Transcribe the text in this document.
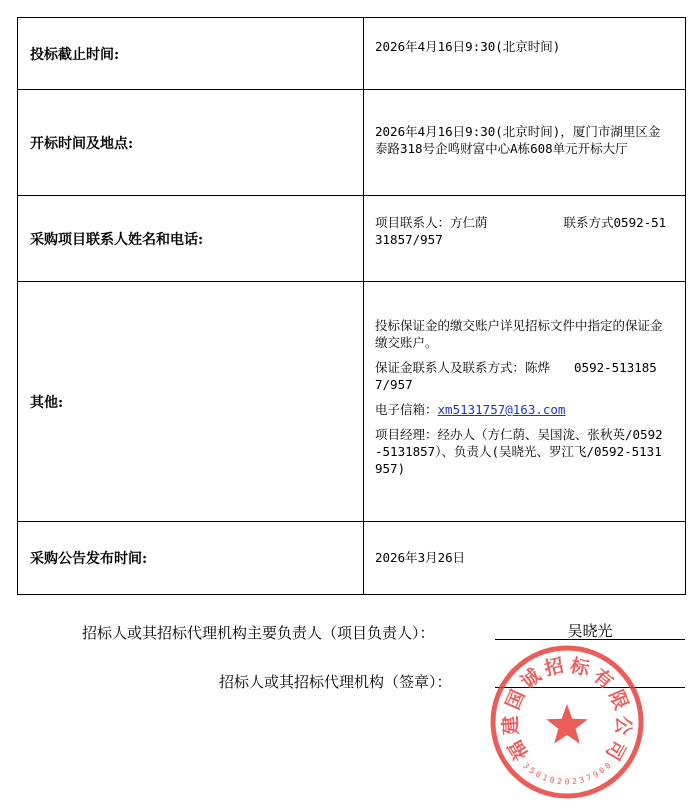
投标截止时间:	2026年4月16日9:30(北京时间)
开标时间及地点:	2026年4月16日9:30(北京时间)，厦门市湖里区金泰路318号企鸣财富中心A栋608单元开标大厅
采购项目联系人姓名和电话:	项目联系人：方仁荫 联系方式0592-5131857/957
其他:	投标保证金的缴交账户详见招标文件中指定的保证金缴交账户。

保证金联系人及联系方式：陈烨 0592-5131857/957

电子信箱：xm5131757@163.com

项目经理：经办人（方仁荫、吴国泷、张秋英/0592-5131857）、负责人(吴晓光、罗江飞/0592-5131957)

采购公告发布时间:	2026年3月26日
招标人或其招标代理机构主要负责人（项目负责人）：	吴晓光
招标人或其招标代理机构（签章）：
福
建
国
诚
招 标
有
限
公
司
3
5
0
1 0 2 0 2 3 7
9
0
0
